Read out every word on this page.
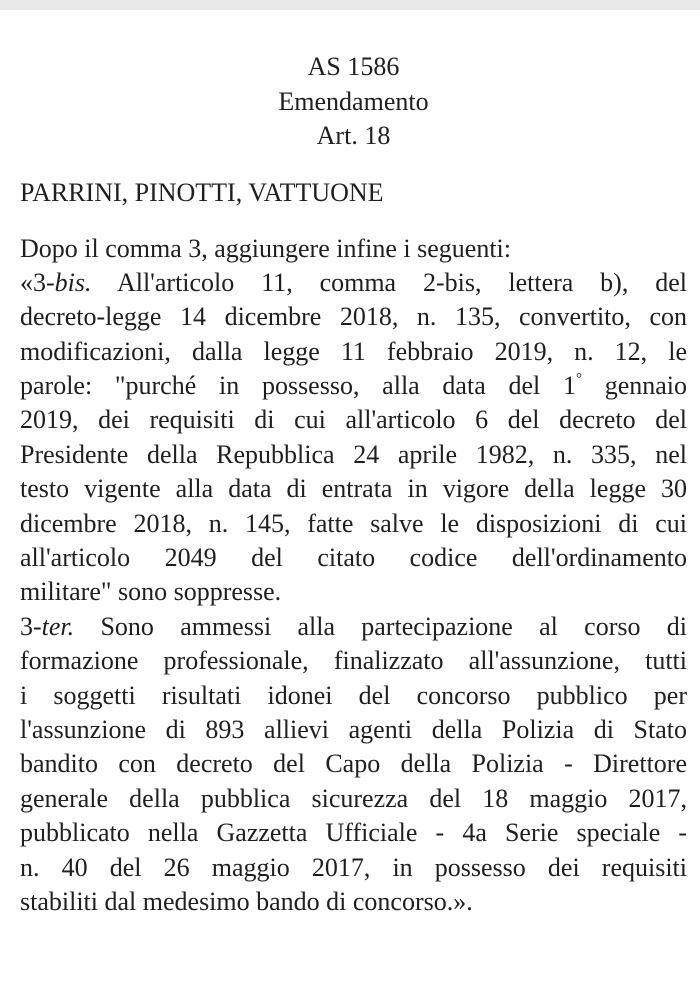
AS 1586
Emendamento
Art. 18
PARRINI, PINOTTI, VATTUONE
Dopo il comma 3, aggiungere infine i seguenti:
«3-bis. All'articolo 11, comma 2-bis, lettera b), del
decreto-legge 14 dicembre 2018, n. 135, convertito, con
modificazioni, dalla legge 11 febbraio 2019, n. 12, le
parole: "purché in possesso, alla data del 1° gennaio
2019, dei requisiti di cui all'articolo 6 del decreto del
Presidente della Repubblica 24 aprile 1982, n. 335, nel
testo vigente alla data di entrata in vigore della legge 30
dicembre 2018, n. 145, fatte salve le disposizioni di cui
all'articolo 2049 del citato codice dell'ordinamento
militare" sono soppresse.
3-ter. Sono ammessi alla partecipazione al corso di
formazione professionale, finalizzato all'assunzione, tutti
i soggetti risultati idonei del concorso pubblico per
l'assunzione di 893 allievi agenti della Polizia di Stato
bandito con decreto del Capo della Polizia - Direttore
generale della pubblica sicurezza del 18 maggio 2017,
pubblicato nella Gazzetta Ufficiale - 4a Serie speciale -
n. 40 del 26 maggio 2017, in possesso dei requisiti
stabiliti dal medesimo bando di concorso.».
